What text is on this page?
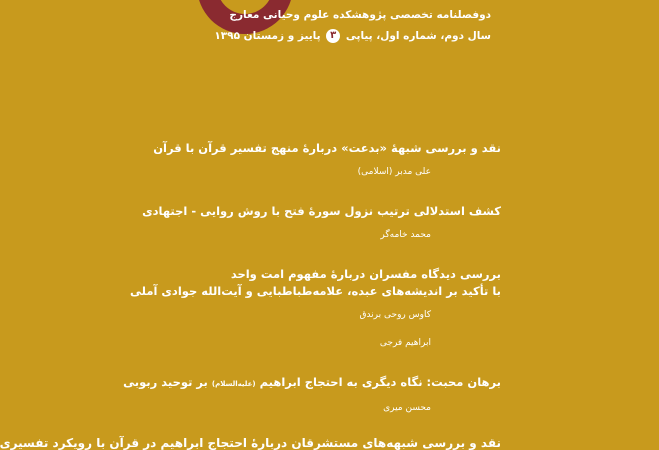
دوفصلنامه تخصصی پژوهشکده علوم وحیانی معارج
سال دوم، شماره اول، پیاپی ۳ پاییز و زمستان ۱۳۹۵
نقد و بررسی شبهۀ «بدعت» دربارۀ منهج تفسیر قرآن با قرآن
علی مدبر (اسلامی)
کشف استدلالی ترتیب نزول سورۀ فتح با روش روایی - اجتهادی
محمد خامه‌گر
بررسی دیدگاه مفسران دربارۀ مفهوم امت واحد
با تأکید بر اندیشه‌های عبده، علامه‌طباطبایی و آیت‌الله جوادی آملی
کاوس روحی برندق
ابراهیم فرجی
برهان محبت: نگاه دیگری به احتجاج ابراهیم (علیه‌السلام) بر توحید ربوبی
محسن میری
نقد و بررسی شبهه‌های مستشرقان دربارۀ احتجاج ابراهیم در قرآن با رویکرد تفسیری
